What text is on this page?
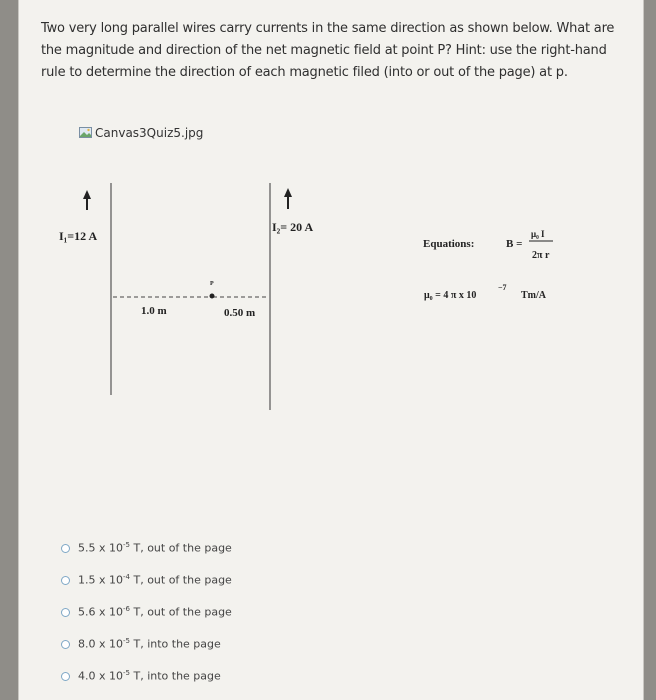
Two very long parallel wires carry currents in the same direction as shown below. What are the magnitude and direction of the net magnetic field at point P? Hint: use the right-hand rule to determine the direction of each magnetic filed (into or out of the page) at p.
Canvas3Quiz5.jpg
I₁=12 A
I₂= 20 A
P
1.0 m	0.50 m
Equations:	B =
μ₀ I
2π r
μ₀ = 4 π x 10
−7
Tm/A
5.5 x $10^{-5}$ T, out of the page
1.5 x $10^{-4}$ T, out of the page
5.6 x $10^{-6}$ T, out of the page
8.0 x $10^{-5}$ T, into the page
4.0 x $10^{-5}$ T, into the page
